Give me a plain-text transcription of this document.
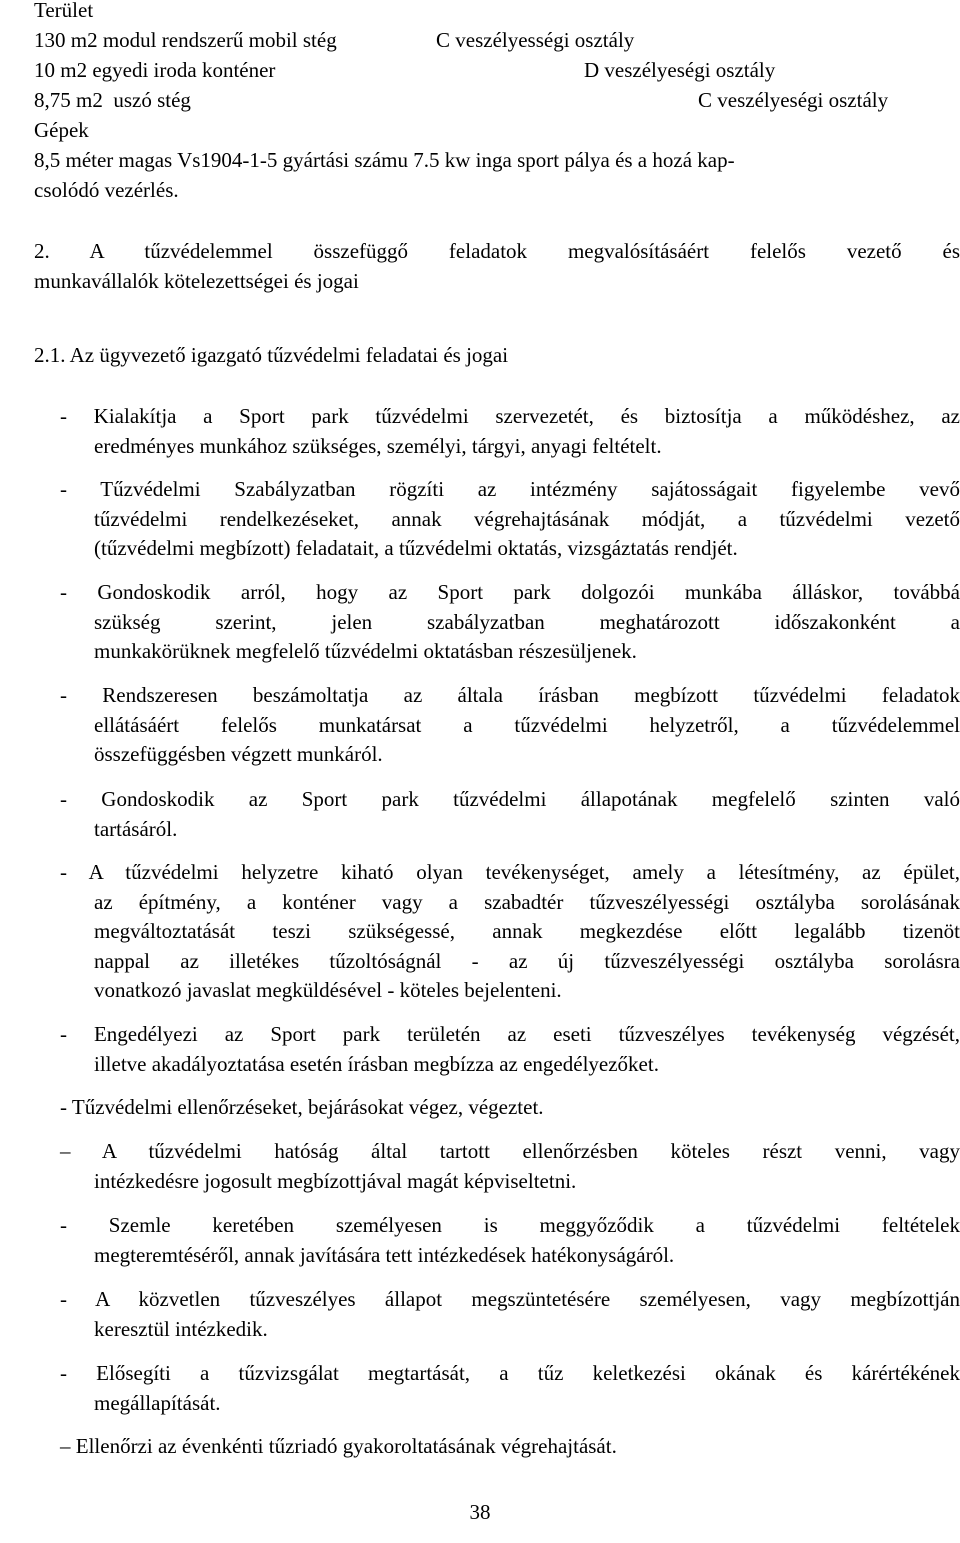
Terület
130 m2 modul rendszerű mobil stég	C veszélyességi osztály
10 m2 egyedi iroda konténer	D veszélyeségi osztály
8,75 m2  uszó stég	C veszélyeségi osztály
Gépek
8,5 méter magas Vs1904-1-5 gyártási számu 7.5 kw inga sport pálya és a hozá kap-
csolódó vezérlés.
2. A tűzvédelemmel összefüggő feladatok megvalósításáért felelős vezető és
munkavállalók kötelezettségei és jogai
2.1. Az ügyvezető igazgató tűzvédelmi feladatai és jogai
- Kialakítja a Sport park tűzvédelmi szervezetét, és biztosítja a működéshez, az
eredményes munkához szükséges, személyi, tárgyi, anyagi feltételt.
- Tűzvédelmi Szabályzatban rögzíti az intézmény sajátosságait figyelembe vevő
tűzvédelmi rendelkezéseket, annak végrehajtásának módját, a tűzvédelmi vezető
(tűzvédelmi megbízott) feladatait, a tűzvédelmi oktatás, vizsgáztatás rendjét.
- Gondoskodik arról, hogy az Sport park dolgozói munkába álláskor, továbbá
szükség szerint, jelen szabályzatban meghatározott időszakonként a
munkakörüknek megfelelő tűzvédelmi oktatásban részesüljenek.
- Rendszeresen beszámoltatja az általa írásban megbízott tűzvédelmi feladatok
ellátásáért felelős munkatársat a tűzvédelmi helyzetről, a tűzvédelemmel
összefüggésben végzett munkáról.
- Gondoskodik az Sport park tűzvédelmi állapotának megfelelő szinten való
tartásáról.
- A tűzvédelmi helyzetre kiható olyan tevékenységet, amely a létesítmény, az épület,
az építmény, a konténer vagy a szabadtér tűzveszélyességi osztályba sorolásának
megváltoztatását teszi szükségessé, annak megkezdése előtt legalább tizenöt
nappal az illetékes tűzoltóságnál - az új tűzveszélyességi osztályba sorolásra
vonatkozó javaslat megküldésével - köteles bejelenteni.
- Engedélyezi az Sport park területén az eseti tűzveszélyes tevékenység végzését,
illetve akadályoztatása esetén írásban megbízza az engedélyezőket.
- Tűzvédelmi ellenőrzéseket, bejárásokat végez, végeztet.
– A tűzvédelmi hatóság által tartott ellenőrzésben köteles részt venni, vagy
intézkedésre jogosult megbízottjával magát képviseltetni.
- Szemle keretében személyesen is meggyőződik a tűzvédelmi feltételek
megteremtéséről, annak javítására tett intézkedések hatékonyságáról.
- A közvetlen tűzveszélyes állapot megszüntetésére személyesen, vagy megbízottján
keresztül intézkedik.
- Elősegíti a tűzvizsgálat megtartását, a tűz keletkezési okának és kárértékének
megállapítását.
– Ellenőrzi az évenkénti tűzriadó gyakoroltatásának végrehajtását.
38
